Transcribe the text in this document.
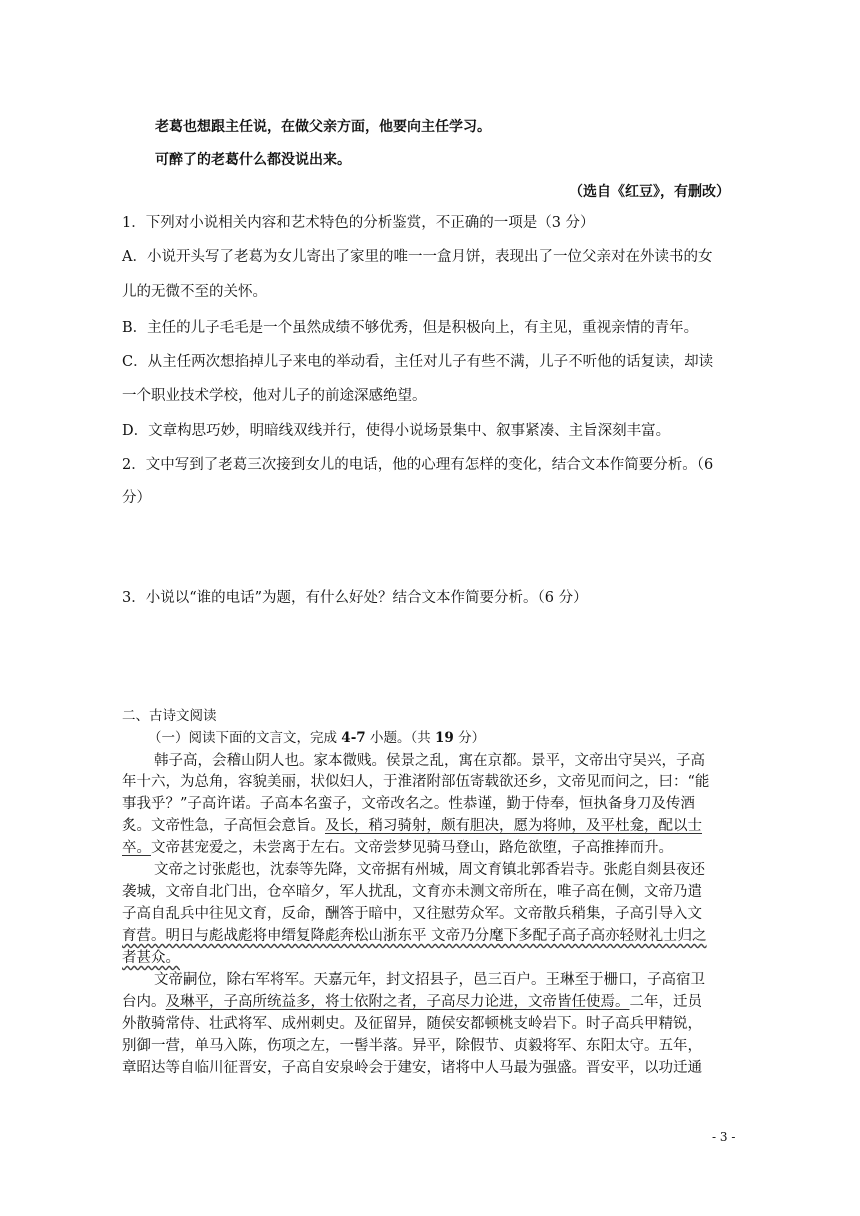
老葛也想跟主任说，在做父亲方面，他要向主任学习。
可醉了的老葛什么都没说出来。
（选自《红豆》，有删改）
1．下列对小说相关内容和艺术特色的分析鉴赏，不正确的一项是（3 分）
A．小说开头写了老葛为女儿寄出了家里的唯一一盒月饼，表现出了一位父亲对在外读书的女
儿的无微不至的关怀。
B．主任的儿子毛毛是一个虽然成绩不够优秀，但是积极向上，有主见，重视亲情的青年。
C．从主任两次想掐掉儿子来电的举动看，主任对儿子有些不满，儿子不听他的话复读，却读
一个职业技术学校，他对儿子的前途深感绝望。
D．文章构思巧妙，明暗线双线并行，使得小说场景集中、叙事紧凑、主旨深刻丰富。
2．文中写到了老葛三次接到女儿的电话，他的心理有怎样的变化，结合文本作简要分析。（6
分）
3．小说以“谁的电话”为题，有什么好处？结合文本作简要分析。（6 分）
二、古诗文阅读
（一）阅读下面的文言文，完成 4-7 小题。（共 19 分）
韩子高，会稽山阴人也。家本微贱。侯景之乱，寓在京都。景平，文帝出守吴兴，子高
年十六，为总角，容貌美丽，状似妇人，于淮渚附部伍寄载欲还乡，文帝见而问之，曰：“能
事我乎？”子高许诺。子高本名蛮子，文帝改名之。性恭谨，勤于侍奉，恒执备身刀及传酒
炙。文帝性急，子高恒会意旨。及长，稍习骑射，颇有胆决，愿为将帅，及平杜龛，配以士
卒。文帝甚宠爱之，未尝离于左右。文帝尝梦见骑马登山，路危欲堕，子高推捧而升。
文帝之讨张彪也，沈泰等先降，文帝据有州城，周文育镇北郭香岩寺。张彪自剡县夜还
袭城，文帝自北门出，仓卒暗夕，军人扰乱，文育亦未测文帝所在，唯子高在侧，文帝乃遣
子高自乱兵中往见文育，反命，酬答于暗中，又往慰劳众军。文帝散兵稍集，子高引导入文
育营。明日与彪战彪将申缙复降彪奔松山浙东平 文帝乃分麾下多配子高子高亦轻财礼士归之
者甚众。
文帝嗣位，除右军将军。天嘉元年，封文招县子，邑三百户。王琳至于栅口，子高宿卫
台内。及琳平，子高所统益多，将士依附之者，子高尽力论进，文帝皆任使焉。二年，迁员
外散骑常侍、壮武将军、成州刺史。及征留异，随侯安都顿桃支岭岩下。时子高兵甲精锐，
别御一营，单马入陈，伤项之左，一髻半落。异平，除假节、贞毅将军、东阳太守。五年，
章昭达等自临川征晋安，子高自安泉岭会于建安，诸将中人马最为强盛。晋安平，以功迁通
- 3 -
